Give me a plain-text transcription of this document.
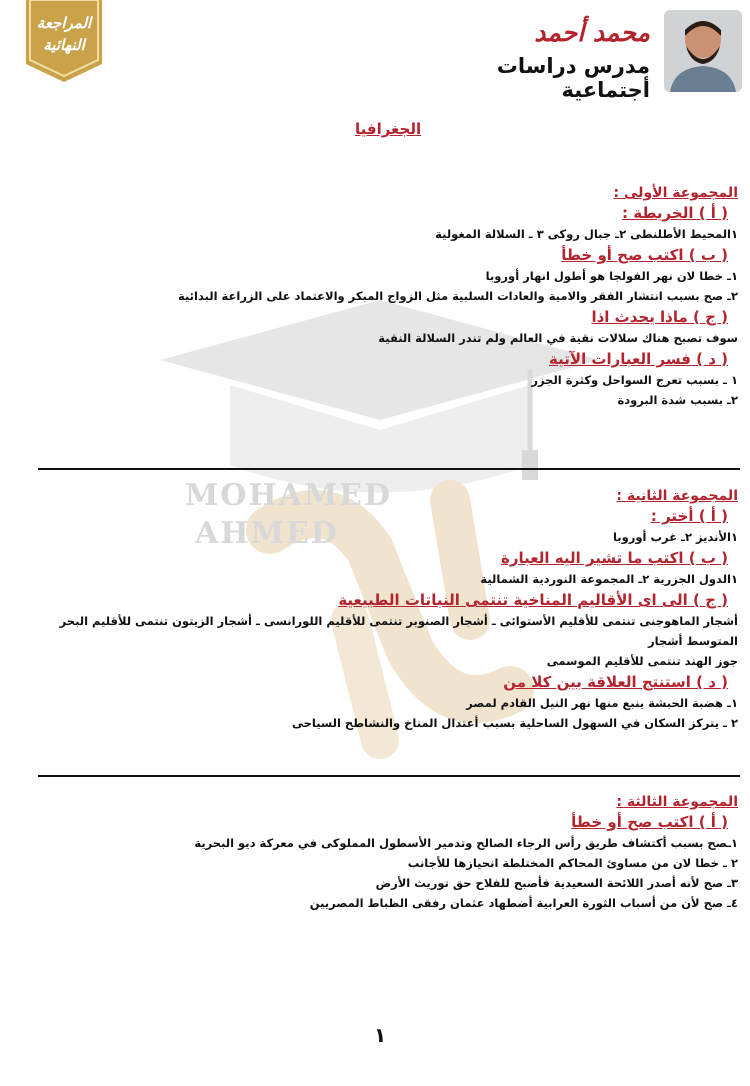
MOHAMED
AHMED
المراجعة
النهائية	محمد أحمد
مدرس دراسات أجتماعية
الجغرافيا
المجموعة الأولى :
( أ ) الخريطة :
١المحيط الأطلنطى ٢ـ جبال روكى ٣ ـ السلالة المغولية
( ب ) اكتب صح أو خطأ
١ـ خطا لان نهر الفولجا هو أطول انهار أوروبا
٢ـ صح بسبب انتشار الفقر والامية والعادات السلبية مثل الزواج المبكر والاعتماد على الزراعة البدائية
( ج ) ماذا يحدث اذا
سوف تصبح هناك سلالات نقية في العالم ولم تندر السلالة النقية
( د ) فسر العبارات الآتية
١ ـ بسبب تعرج السواحل وكثرة الجزر
٢ـ بسبب شدة البرودة
المجموعة الثانية :
( أ ) أختر :
١الأنديز ٢ـ غرب أوروبا
( ب ) اكتب ما تشير اليه العبارة
١الدول الجزرية ٢ـ المجموعة النوردية الشمالية
( ج ) الى اى الأقاليم المناخية تنتمى النباتات الطبيعية
أشجار الماهوجنى تنتمى للأقليم الأستوائى ـ أشجار الصنوبر تنتمى للأقليم اللورانسى ـ أشجار الزيتون تنتمى للأقليم البحر المتوسط أشجار
جوز الهند تنتمى للأقليم الموسمى
( د ) استنتج العلاقة بين كلا من
١ـ هضبة الحبشة ينبع منها نهر النيل القادم لمصر
٢ ـ يتركز السكان في السهول الساحلية بسبب أعتدال المناخ والنشاطح السياحى
المجموعة الثالثة :
( أ ) اكتب صح أو خطأ
١ـصح بسبب أكتشاف طريق رأس الرجاء الصالح وتدمير الأسطول المملوكى في معركة ديو البحرية
٢ ـ خطا لان من مساوئ المحاكم المختلطة انحيازها للأجانب
٣ـ صح لأنه أصدر اللائحة السعيدية فأصبح للفلاح حق توريث الأرض
٤ـ صح لأن من أسباب الثورة العرابية أضطهاد عثمان رفقى الظباط المصريين
١
